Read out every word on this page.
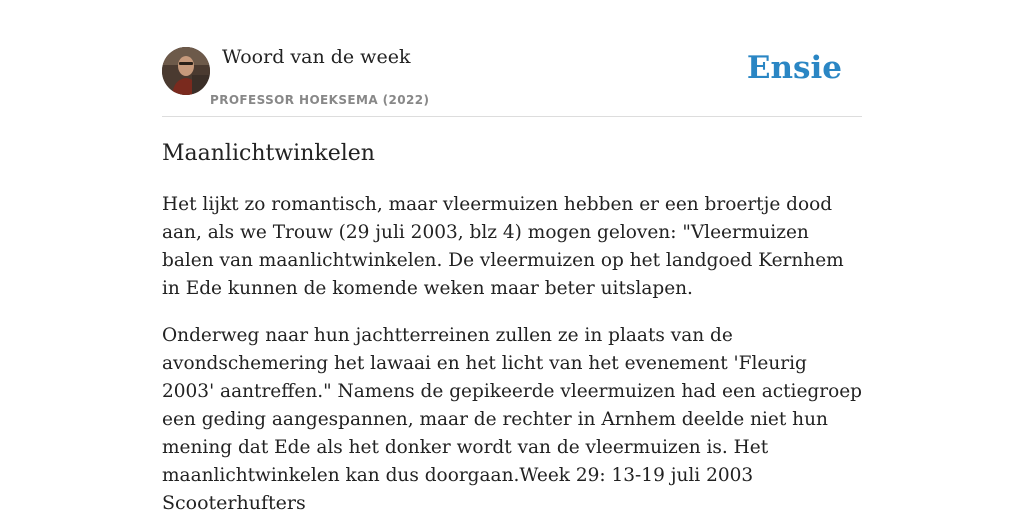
Woord van de week
PROFESSOR HOEKSEMA (2022)
Ensie
Maanlichtwinkelen

Het lijkt zo romantisch, maar vleermuizen hebben er een broertje dood aan, als we Trouw (29 juli 2003, blz 4) mogen geloven: "Vleermuizen balen van maanlichtwinkelen. De vleermuizen op het landgoed Kernhem in Ede kunnen de komende weken maar beter uitslapen.

Onderweg naar hun jachtterreinen zullen ze in plaats van de avondschemering het lawaai en het licht van het evenement 'Fleurig 2003' aantreffen." Namens de gepikeerde vleermuizen had een actiegroep een geding aangespannen, maar de rechter in Arnhem deelde niet hun mening dat Ede als het donker wordt van de vleermuizen is. Het maanlichtwinkelen kan dus doorgaan.Week 29: 13-19 juli 2003

Scooterhufters
